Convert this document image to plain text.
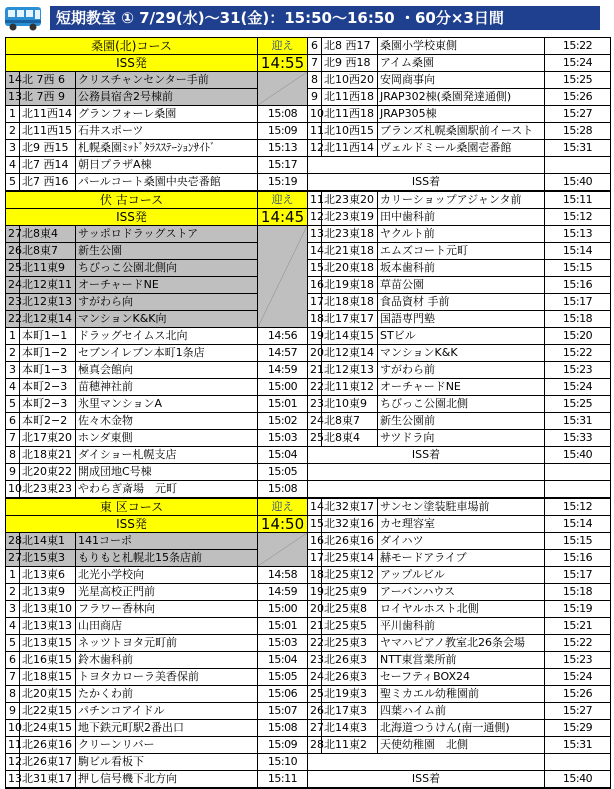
短期教室 ① 7/29(水)～31(金)：15:50～16:50 ・60分×3日間
桑園(北)コース			迎え	6	北8 西17	桑園小学校東側	15:22
ISS発			14:55	7	北9 西18	アイム桑園	15:24
14	北 7西 6	クリスチャンセンター手前		8	北10西20	安岡商事向	15:25
13	北 7西 9	公務員宿舎2号棟前		9	北11西18	JRAP302棟(桑園発達通側)	15:26
1	北11西14	グランフォーレ桑園	15:08	10	北11西18	JRAP305棟	15:27
2	北11西15	石井スポーツ	15:09	11	北10西15	ブランズ札幌桑園駅前イースト	15:28
3	北9 西15	札幌桑園ﾐｯﾄﾞﾀﾗｽｽﾃｰｼｮﾝｻｲﾄﾞ	15:13	12	北11西14	ヴェルドミール桑園壱番館	15:31
4	北7 西14	朝日プラザA棟	15:17				
5	北7 西16	パールコート桑園中央壱番館	15:19	ISS着			15:40
伏 古コース			迎え	11	北23東20	カリーショップアジャンタ前	15:11
ISS発			14:45	12	北23東19	田中歯科前	15:12
27	北8東4	サッポロドラッグストア		13	北23東18	ヤクルト前	15:13
26	北8東7	新生公園		14	北21東18	エムズコート元町	15:14
25	北11東9	ちびっこ公園北側向		15	北20東18	坂本歯科前	15:15
24	北12東11	オーチャードNE		16	北19東18	草苗公園	15:16
23	北12東13	すがわら向		17	北18東18	食品資材 手前	15:17
22	北12東14	マンションK&K向		18	北17東17	国語専門塾	15:18
1	本町1−1	ドラッグセイムス北向	14:56	19	北14東15	STビル	15:20
2	本町1−2	セブンイレブン本町1条店	14:57	20	北12東14	マンションK&K	15:22
3	本町1−3	極真会館向	14:59	21	北12東13	すがわら前	15:23
4	本町2−3	苗穂神社前	15:00	22	北11東12	オーチャードNE	15:24
5	本町2−3	氷里マンションA	15:01	23	北10東9	ちびっこ公園北側	15:25
6	本町2−2	佐々木金物	15:02	24	北8東7	新生公園前	15:31
7	北17東20	ホンダ東側	15:03	25	北8東4	サツドラ向	15:33
8	北18東21	ダイショー札幌支店	15:04	ISS着			15:40
9	北20東22	開成団地C号棟	15:05				
10	北23東23	やわらぎ斎場　元町	15:08				
東 区コース			迎え	14	北32東17	サンセン塗装駐車場前	15:12
ISS発			14:50	15	北32東16	カセ理容室	15:14
28	北14東1	141コーポ		16	北26東16	ダイハツ	15:15
27	北15東3	もりもと札幌北15条店前		17	北25東14	赫モードアライブ	15:16
1	北13東6	北光小学校向	14:58	18	北25東12	アップルビル	15:17
2	北13東9	光星高校正門前	14:59	19	北25東9	アーバンハウス	15:18
3	北13東10	フラワー香林向	15:00	20	北25東8	ロイヤルホスト北側	15:19
4	北13東13	山田商店	15:01	21	北25東5	平川歯科前	15:21
5	北13東15	ネッツトヨタ元町前	15:03	22	北25東3	ヤマハピアノ教室北26条会場	15:22
6	北16東15	鈴木歯科前	15:04	23	北26東3	NTT東営業所前	15:23
7	北18東15	トヨタカローラ美香保前	15:05	24	北26東3	セーフティBOX24	15:24
8	北20東15	たかくわ前	15:06	25	北19東3	聖ミカエル幼稚園前	15:26
9	北22東15	パチンコアイドル	15:07	26	北17東3	四葉ハイム前	15:27
10	北24東15	地下鉄元町駅2番出口	15:08	27	北14東3	北海道つうけん(南一通側)	15:29
11	北26東16	クリーンリバー	15:09	28	北11東2	天使幼稚園　北側	15:31
12	北26東17	駒ビル看板下	15:10				
13	北31東17	押し信号機下北方向	15:11	ISS着			15:40
